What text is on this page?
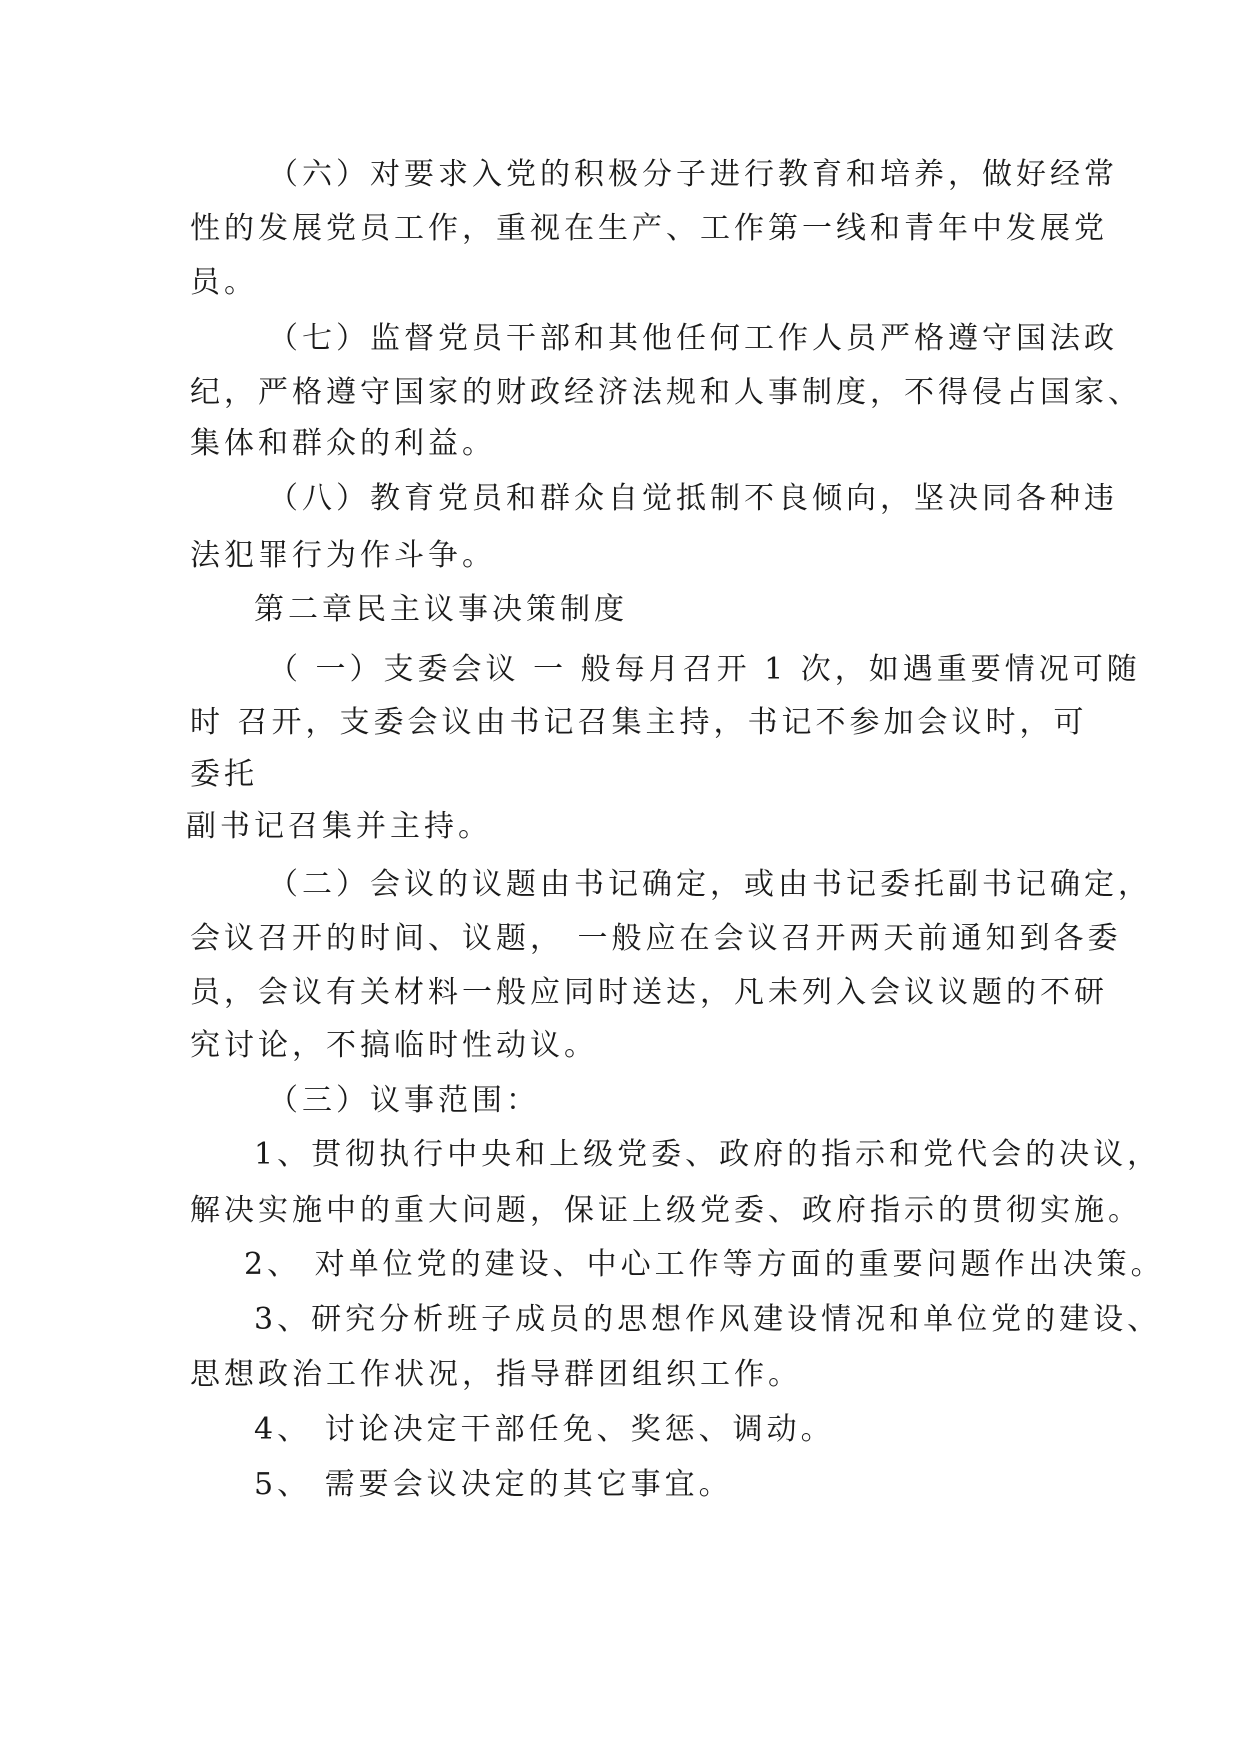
（六）对要求入党的积极分子进行教育和培养，做好经常

性的发展党员工作，重视在生产、工作第一线和青年中发展党

员。

（七）监督党员干部和其他任何工作人员严格遵守国法政

纪，严格遵守国家的财政经济法规和人事制度，不得侵占国家、

集体和群众的利益。

（八）教育党员和群众自觉抵制不良倾向，坚决同各种违

法犯罪行为作斗争。

第二章民主议事决策制度

（ 一）支委会议 一 般每月召开 1 次，如遇重要情况可随

时 召开，支委会议由书记召集主持，书记不参加会议时，可

委托

副书记召集并主持。

（二）会议的议题由书记确定，或由书记委托副书记确定，

会议召开的时间、议题， 一般应在会议召开两天前通知到各委

员，会议有关材料一般应同时送达，凡未列入会议议题的不研

究讨论，不搞临时性动议。

（三）议事范围：

1、贯彻执行中央和上级党委、政府的指示和党代会的决议，

解决实施中的重大问题，保证上级党委、政府指示的贯彻实施。

2、 对单位党的建设、中心工作等方面的重要问题作出决策。

3、研究分析班子成员的思想作风建设情况和单位党的建设、

思想政治工作状况，指导群团组织工作。

4、 讨论决定干部任免、奖惩、调动。

5、 需要会议决定的其它事宜。
